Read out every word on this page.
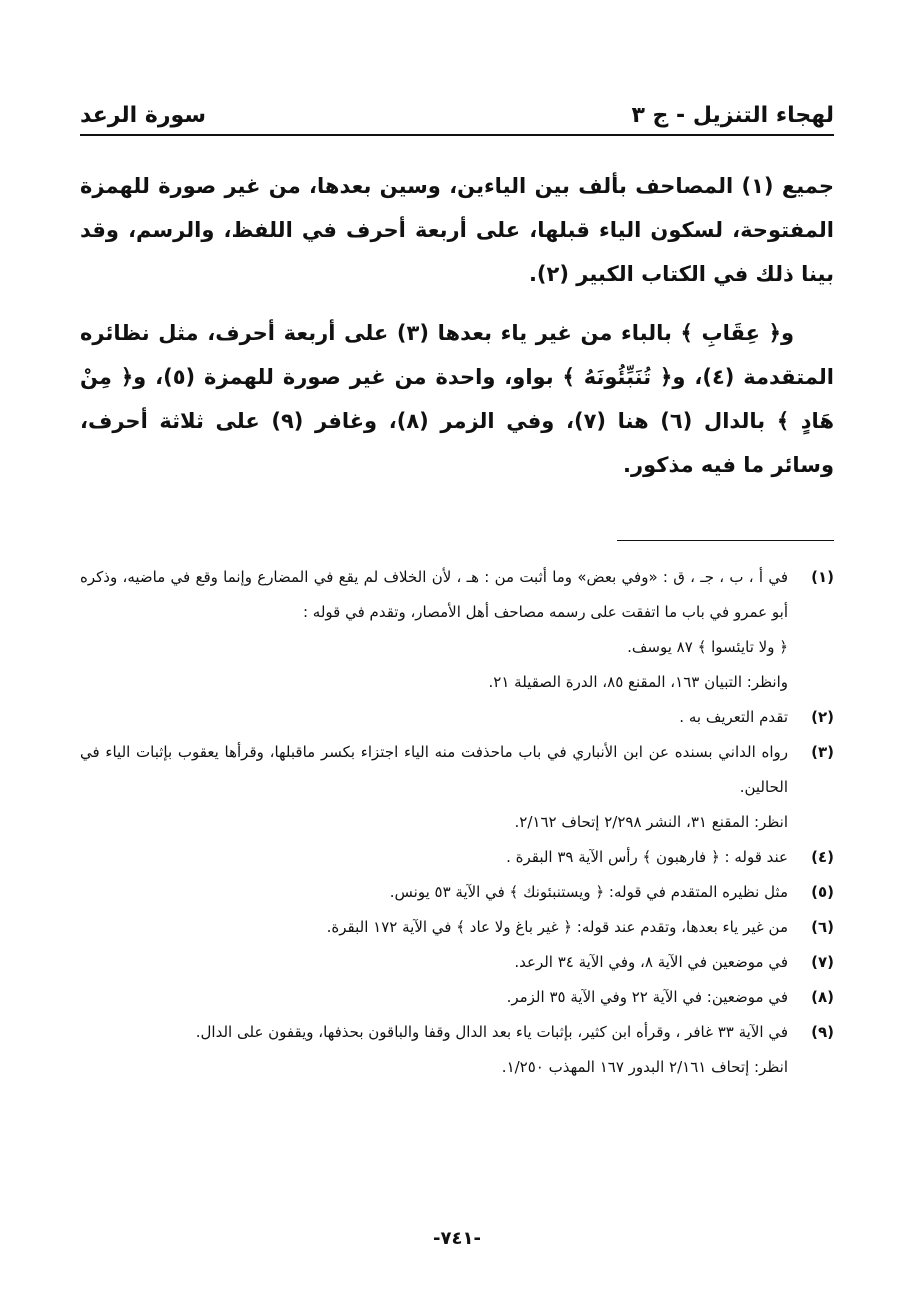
لهجاء التنزيل - ج ٣
سورة الرعد

جميع (١) المصاحف بألف بين الياءين، وسين بعدها، من غير صورة للهمزة المفتوحة، لسكون الياء قبلها، على أربعة أحرف في اللفظ، والرسم، وقد بينا ذلك في الكتاب الكبير (٢).

و﴿ عِقَابِ ﴾ بالباء من غير ياء بعدها (٣) على أربعة أحرف، مثل نظائره المتقدمة (٤)، و﴿ تُنَبِّئُونَهُ ﴾ بواو، واحدة من غير صورة للهمزة (٥)، و﴿ مِنْ هَادٍ ﴾ بالدال (٦) هنا (٧)، وفي الزمر (٨)، وغافر (٩) على ثلاثة أحرف، وسائر ما فيه مذكور.

(١)
في أ ، ب ، جـ ، ق : «وفي بعض» وما أثبت من : هـ ، لأن الخلاف لم يقع في المضارع وإنما وقع في ماضيه، وذكره أبو عمرو في باب ما اتفقت على رسمه مصاحف أهل الأمصار، وتقدم في قوله :
﴿ ولا تايئسوا ﴾ ٨٧ يوسف.
وانظر: التبيان ١٦٣، المقنع ٨٥، الدرة الصقيلة ٢١.
(٢)
تقدم التعريف به .
(٣)
رواه الداني بسنده عن ابن الأنباري في باب ماحذفت منه الياء اجتزاء بكسر ماقبلها، وقرأها يعقوب بإثبات الياء في الحالين.
انظر: المقنع ٣١، النشر ٢/٢٩٨ إتحاف ٢/١٦٢.
(٤)
عند قوله : ﴿ فارهبون ﴾ رأس الآية ٣٩ البقرة .
(٥)
مثل نظيره المتقدم في قوله: ﴿ ويستنبئونك ﴾ في الآية ٥٣ يونس.
(٦)
من غير ياء بعدها، وتقدم عند قوله: ﴿ غير باغ ولا عاد ﴾ في الآية ١٧٢ البقرة.
(٧)
في موضعين في الآية ٨، وفي الآية ٣٤ الرعد.
(٨)
في موضعين: في الآية ٢٢ وفي الآية ٣٥ الزمر.
(٩)
في الآية ٣٣ غافر ، وقرأه ابن كثير، بإثبات ياء بعد الدال وقفا والباقون بحذفها، ويقفون على الدال.
انظر: إتحاف ٢/١٦١ البدور ١٦٧ المهذب ١/٢٥٠.
-٧٤١-
